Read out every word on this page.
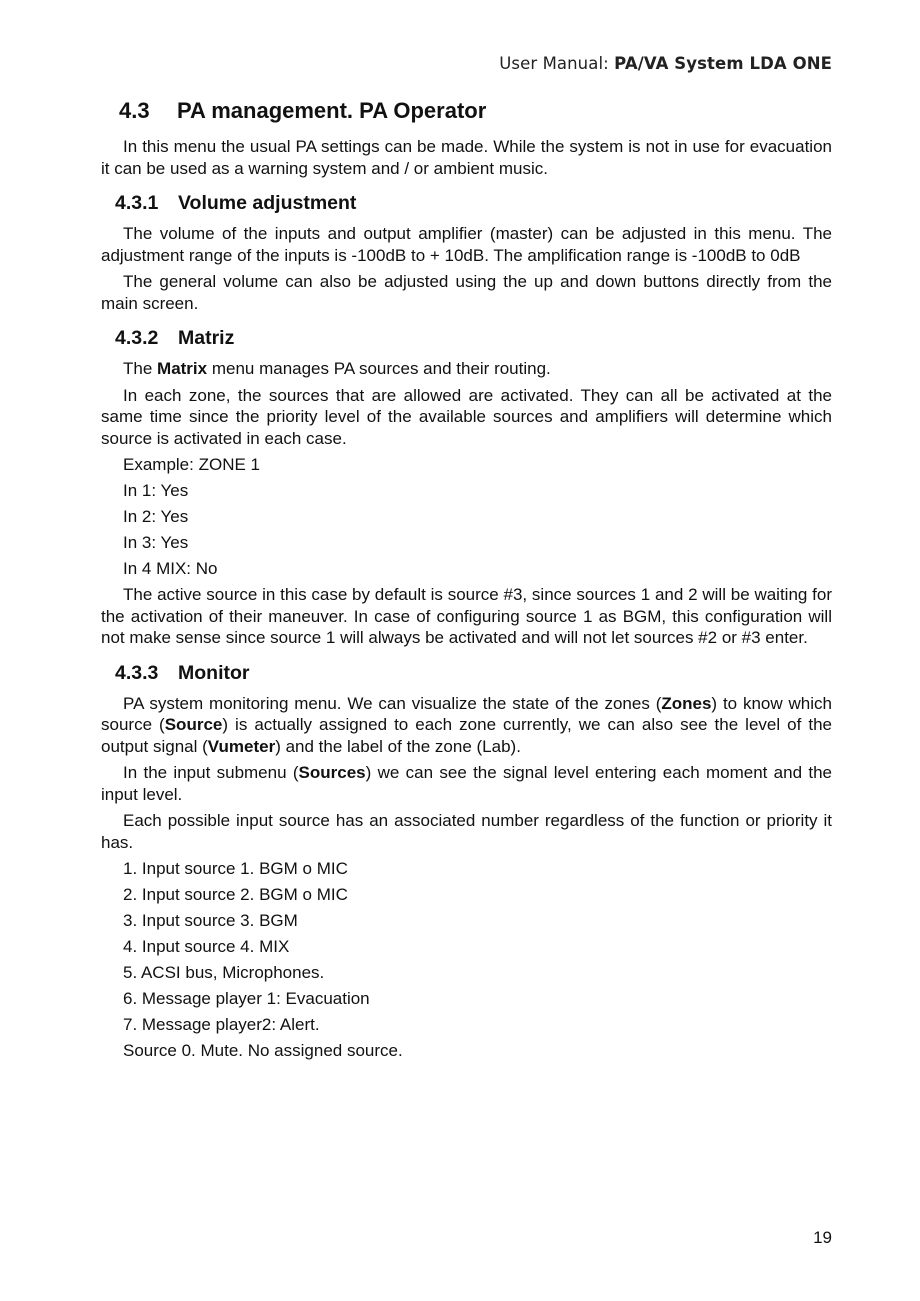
User Manual: PA/VA System LDA ONE
4.3 PA management. PA Operator

In this menu the usual PA settings can be made. While the system is not in use for evacuation it can be used as a warning system and / or ambient music.

4.3.1 Volume adjustment

The volume of the inputs and output amplifier (master) can be adjusted in this menu. The adjustment range of the inputs is -100dB to + 10dB. The amplification range is -100dB to 0dB

The general volume can also be adjusted using the up and down buttons directly from the main screen.

4.3.2 Matriz

The Matrix menu manages PA sources and their routing.

In each zone, the sources that are allowed are activated. They can all be activated at the same time since the priority level of the available sources and amplifiers will determine which source is activated in each case.

Example: ZONE 1

In 1: Yes

In 2: Yes

In 3: Yes

In 4 MIX: No

The active source in this case by default is source #3, since sources 1 and 2 will be waiting for the activation of their maneuver. In case of configuring source 1 as BGM, this configuration will not make sense since source 1 will always be activated and will not let sources #2 or #3 enter.

4.3.3 Monitor

PA system monitoring menu. We can visualize the state of the zones (Zones) to know which source (Source) is actually assigned to each zone currently, we can also see the level of the output signal (Vumeter) and the label of the zone (Lab).

In the input submenu (Sources) we can see the signal level entering each moment and the input level.

Each possible input source has an associated number regardless of the function or priority it has.

1. Input source 1. BGM o MIC

2. Input source 2. BGM o MIC

3. Input source 3. BGM

4. Input source 4. MIX

5. ACSI bus, Microphones.

6. Message player 1: Evacuation

7. Message player2: Alert.

Source 0. Mute. No assigned source.

19
